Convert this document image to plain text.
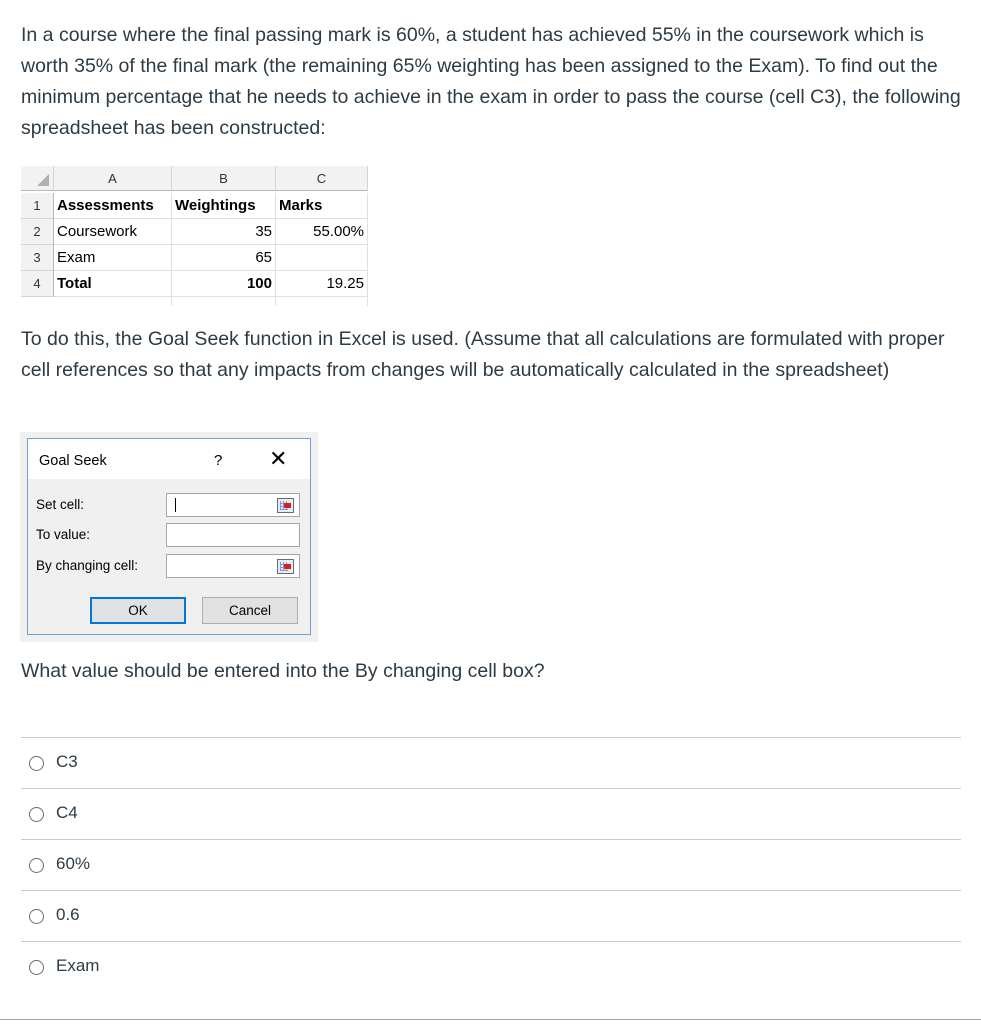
In a course where the final passing mark is 60%, a student has achieved 55% in the coursework which is worth 35% of the final mark (the remaining 65% weighting has been assigned to the Exam). To find out the minimum percentage that he needs to achieve in the exam in order to pass the course (cell C3), the following spreadsheet has been constructed:
A	B	C
1	Assessments	Weightings	Marks
2	Coursework	35	55.00%
3	Exam	65
4	Total	100	19.25
To do this, the Goal Seek function in Excel is used. (Assume that all calculations are formulated with proper cell references so that any impacts from changes will be automatically calculated in the spreadsheet)
Goal Seek	? ✕
Set cell:
To value:
By changing cell:
OK	Cancel
What value should be entered into the By changing cell box?
C3
C4
60%
0.6
Exam
